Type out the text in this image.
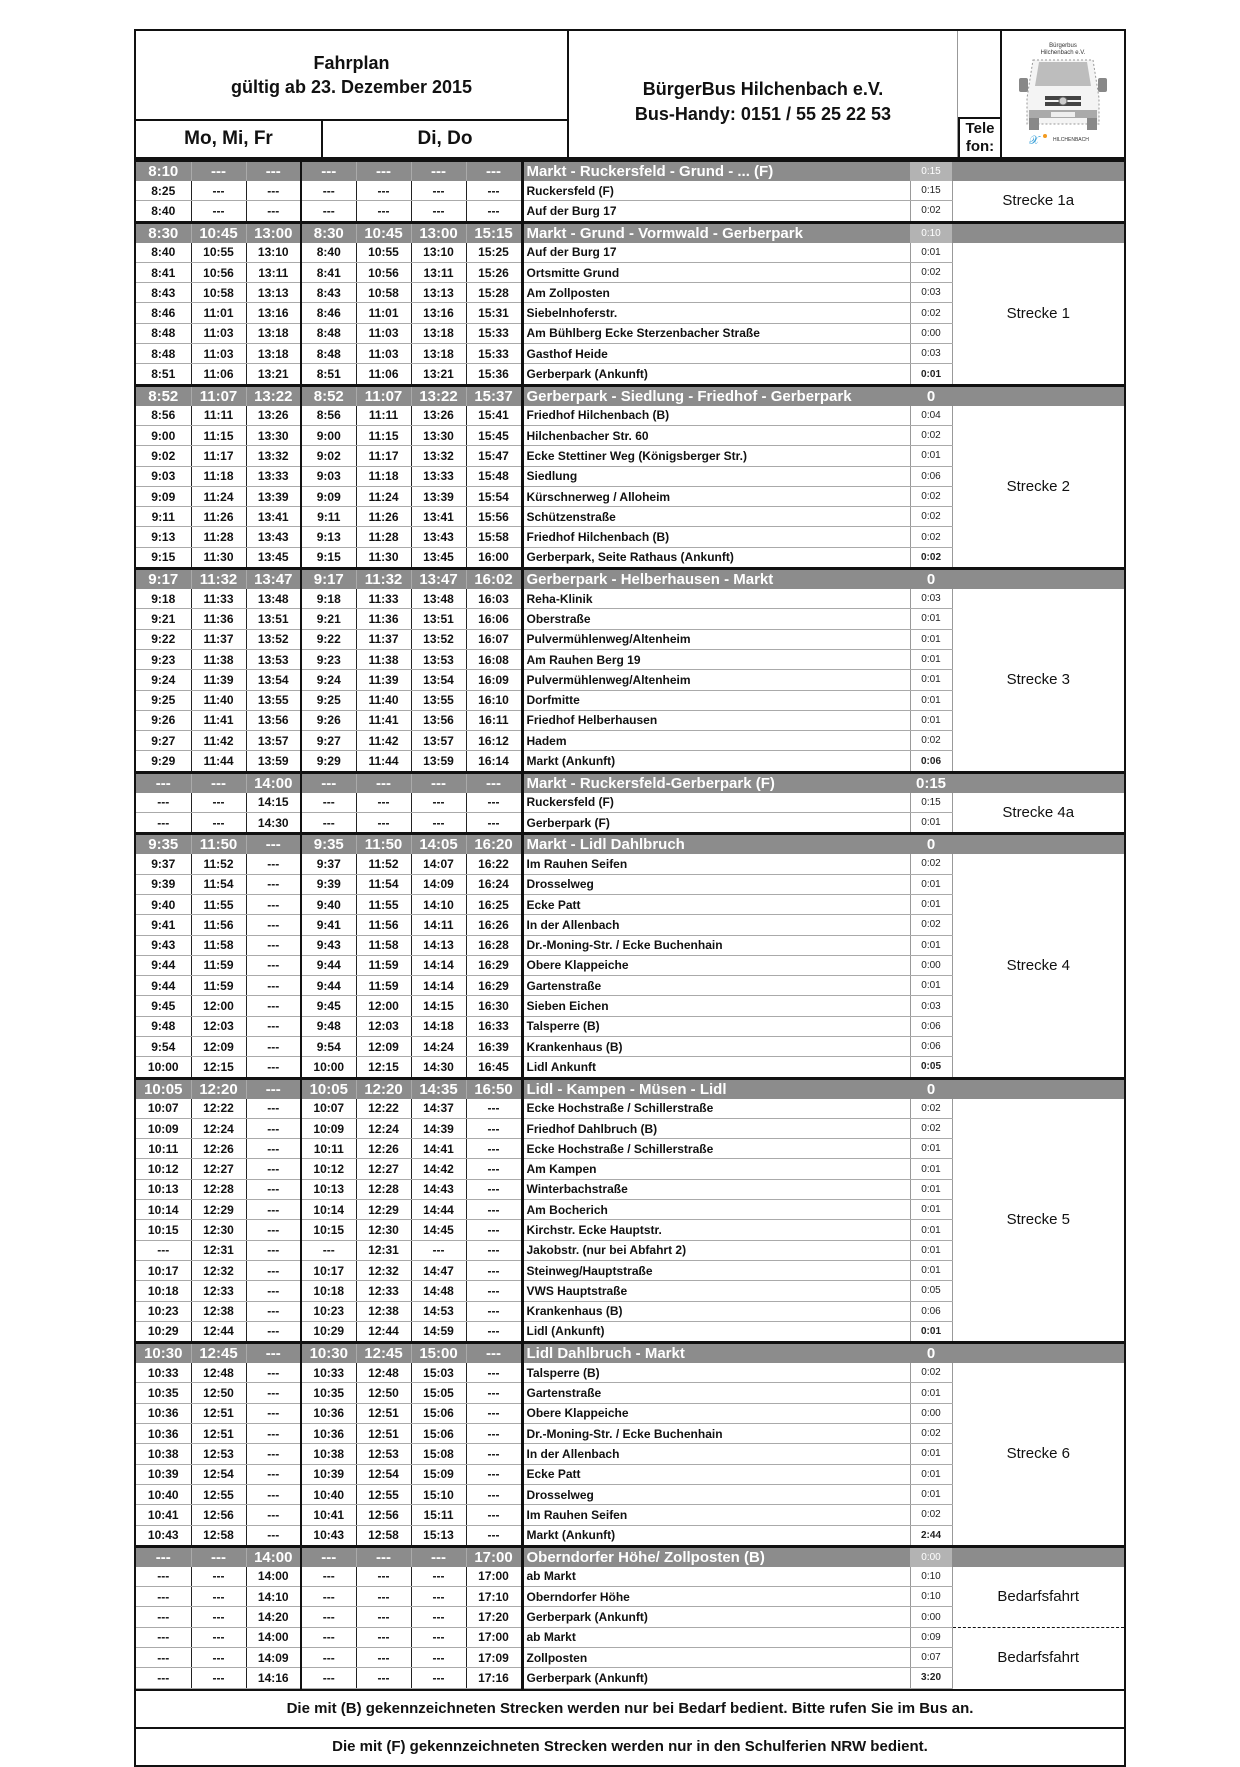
Fahrplan
gültig ab 23. Dezember 2015
Mo, Mi, Fr	Di, Do
BürgerBus Hilchenbach e.V.
Bus-Handy: 0151 / 55 25 22 53
Tele
fon:
Bürgerbus
Hilchenbach e.V.
𝒳	HILCHENBACH
8:10	---	---	---	---	---	---	Markt - Ruckersfeld - Grund - ... (F)	0:15	
8:25	---	---	---	---	---	---	Ruckersfeld (F)	0:15	Strecke 1a
8:40	---	---	---	---	---	---	Auf der Burg 17	0:02	
8:30	10:45	13:00	8:30	10:45	13:00	15:15	Markt - Grund - Vormwald - Gerberpark	0:10	
8:40	10:55	13:10	8:40	10:55	13:10	15:25	Auf der Burg 17	0:01	Strecke 1
8:41	10:56	13:11	8:41	10:56	13:11	15:26	Ortsmitte Grund	0:02	
8:43	10:58	13:13	8:43	10:58	13:13	15:28	Am Zollposten	0:03	
8:46	11:01	13:16	8:46	11:01	13:16	15:31	Siebelnhoferstr.	0:02	
8:48	11:03	13:18	8:48	11:03	13:18	15:33	Am Bühlberg Ecke Sterzenbacher Straße	0:00	
8:48	11:03	13:18	8:48	11:03	13:18	15:33	Gasthof Heide	0:03	
8:51	11:06	13:21	8:51	11:06	13:21	15:36	Gerberpark (Ankunft)	0:01	
8:52	11:07	13:22	8:52	11:07	13:22	15:37	Gerberpark - Siedlung - Friedhof - Gerberpark	0	
8:56	11:11	13:26	8:56	11:11	13:26	15:41	Friedhof Hilchenbach (B)	0:04	Strecke 2
9:00	11:15	13:30	9:00	11:15	13:30	15:45	Hilchenbacher Str. 60	0:02	
9:02	11:17	13:32	9:02	11:17	13:32	15:47	Ecke Stettiner Weg (Königsberger Str.)	0:01	
9:03	11:18	13:33	9:03	11:18	13:33	15:48	Siedlung	0:06	
9:09	11:24	13:39	9:09	11:24	13:39	15:54	Kürschnerweg / Alloheim	0:02	
9:11	11:26	13:41	9:11	11:26	13:41	15:56	Schützenstraße	0:02	
9:13	11:28	13:43	9:13	11:28	13:43	15:58	Friedhof Hilchenbach (B)	0:02	
9:15	11:30	13:45	9:15	11:30	13:45	16:00	Gerberpark, Seite Rathaus (Ankunft)	0:02	
9:17	11:32	13:47	9:17	11:32	13:47	16:02	Gerberpark - Helberhausen - Markt	0	
9:18	11:33	13:48	9:18	11:33	13:48	16:03	Reha-Klinik	0:03	Strecke 3
9:21	11:36	13:51	9:21	11:36	13:51	16:06	Oberstraße	0:01	
9:22	11:37	13:52	9:22	11:37	13:52	16:07	Pulvermühlenweg/Altenheim	0:01	
9:23	11:38	13:53	9:23	11:38	13:53	16:08	Am Rauhen Berg 19	0:01	
9:24	11:39	13:54	9:24	11:39	13:54	16:09	Pulvermühlenweg/Altenheim	0:01	
9:25	11:40	13:55	9:25	11:40	13:55	16:10	Dorfmitte	0:01	
9:26	11:41	13:56	9:26	11:41	13:56	16:11	Friedhof Helberhausen	0:01	
9:27	11:42	13:57	9:27	11:42	13:57	16:12	Hadem	0:02	
9:29	11:44	13:59	9:29	11:44	13:59	16:14	Markt (Ankunft)	0:06	
---	---	14:00	---	---	---	---	Markt - Ruckersfeld-Gerberpark (F)	0:15	
---	---	14:15	---	---	---	---	Ruckersfeld (F)	0:15	Strecke 4a
---	---	14:30	---	---	---	---	Gerberpark (F)	0:01	
9:35	11:50	---	9:35	11:50	14:05	16:20	Markt - Lidl Dahlbruch	0	
9:37	11:52	---	9:37	11:52	14:07	16:22	Im Rauhen Seifen	0:02	Strecke 4
9:39	11:54	---	9:39	11:54	14:09	16:24	Drosselweg	0:01	
9:40	11:55	---	9:40	11:55	14:10	16:25	Ecke Patt	0:01	
9:41	11:56	---	9:41	11:56	14:11	16:26	In der Allenbach	0:02	
9:43	11:58	---	9:43	11:58	14:13	16:28	Dr.-Moning-Str. / Ecke Buchenhain	0:01	
9:44	11:59	---	9:44	11:59	14:14	16:29	Obere Klappeiche	0:00	
9:44	11:59	---	9:44	11:59	14:14	16:29	Gartenstraße	0:01	
9:45	12:00	---	9:45	12:00	14:15	16:30	Sieben Eichen	0:03	
9:48	12:03	---	9:48	12:03	14:18	16:33	Talsperre (B)	0:06	
9:54	12:09	---	9:54	12:09	14:24	16:39	Krankenhaus (B)	0:06	
10:00	12:15	---	10:00	12:15	14:30	16:45	Lidl Ankunft	0:05	
10:05	12:20	---	10:05	12:20	14:35	16:50	Lidl - Kampen - Müsen - Lidl	0	
10:07	12:22	---	10:07	12:22	14:37	---	Ecke Hochstraße / Schillerstraße	0:02	Strecke 5
10:09	12:24	---	10:09	12:24	14:39	---	Friedhof Dahlbruch (B)	0:02	
10:11	12:26	---	10:11	12:26	14:41	---	Ecke Hochstraße / Schillerstraße	0:01	
10:12	12:27	---	10:12	12:27	14:42	---	Am Kampen	0:01	
10:13	12:28	---	10:13	12:28	14:43	---	Winterbachstraße	0:01	
10:14	12:29	---	10:14	12:29	14:44	---	Am Bocherich	0:01	
10:15	12:30	---	10:15	12:30	14:45	---	Kirchstr. Ecke Hauptstr.	0:01	
---	12:31	---	---	12:31	---	---	Jakobstr. (nur bei Abfahrt 2)	0:01	
10:17	12:32	---	10:17	12:32	14:47	---	Steinweg/Hauptstraße	0:01	
10:18	12:33	---	10:18	12:33	14:48	---	VWS Hauptstraße	0:05	
10:23	12:38	---	10:23	12:38	14:53	---	Krankenhaus (B)	0:06	
10:29	12:44	---	10:29	12:44	14:59	---	Lidl (Ankunft)	0:01	
10:30	12:45	---	10:30	12:45	15:00	---	Lidl Dahlbruch - Markt	0	
10:33	12:48	---	10:33	12:48	15:03	---	Talsperre (B)	0:02	Strecke 6
10:35	12:50	---	10:35	12:50	15:05	---	Gartenstraße	0:01	
10:36	12:51	---	10:36	12:51	15:06	---	Obere Klappeiche	0:00	
10:36	12:51	---	10:36	12:51	15:06	---	Dr.-Moning-Str. / Ecke Buchenhain	0:02	
10:38	12:53	---	10:38	12:53	15:08	---	In der Allenbach	0:01	
10:39	12:54	---	10:39	12:54	15:09	---	Ecke Patt	0:01	
10:40	12:55	---	10:40	12:55	15:10	---	Drosselweg	0:01	
10:41	12:56	---	10:41	12:56	15:11	---	Im Rauhen Seifen	0:02	
10:43	12:58	---	10:43	12:58	15:13	---	Markt (Ankunft)	2:44	
---	---	14:00	---	---	---	17:00	Oberndorfer Höhe/ Zollposten (B)	0:00	
---	---	14:00	---	---	---	17:00	ab Markt	0:10	Bedarfsfahrt
---	---	14:10	---	---	---	17:10	Oberndorfer Höhe	0:10	
---	---	14:20	---	---	---	17:20	Gerberpark (Ankunft)	0:00	
---	---	14:00	---	---	---	17:00	ab Markt	0:09	Bedarfsfahrt
---	---	14:09	---	---	---	17:09	Zollposten	0:07	
---	---	14:16	---	---	---	17:16	Gerberpark (Ankunft)	3:20	
Die mit (B) gekennzeichneten Strecken werden nur bei Bedarf bedient. Bitte rufen Sie im Bus an.
Die mit (F) gekennzeichneten Strecken werden nur in den Schulferien NRW bedient.
